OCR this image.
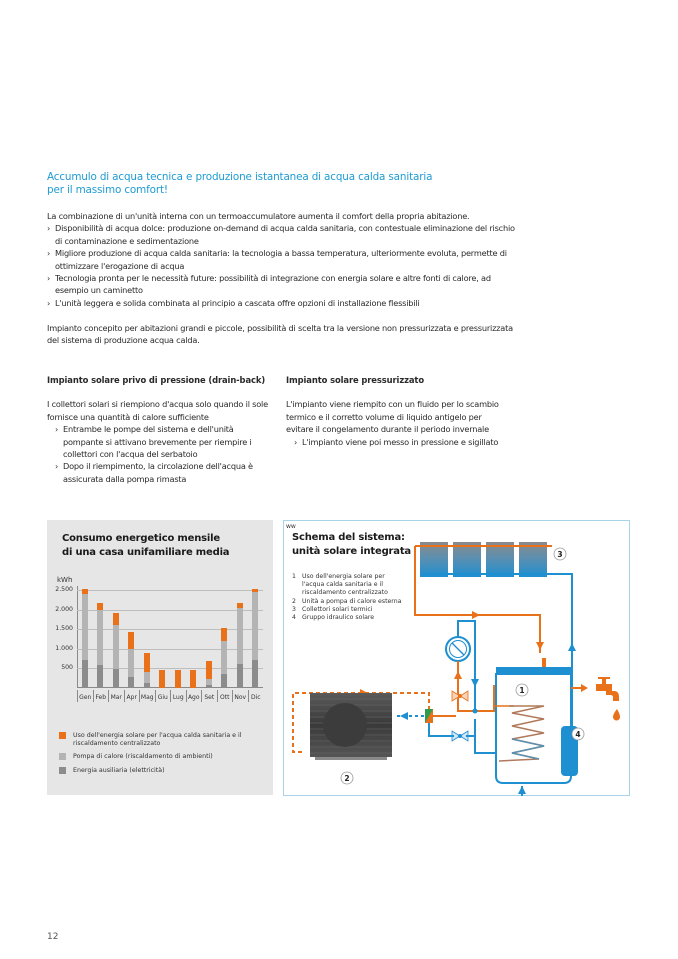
Accumulo di acqua tecnica e produzione istantanea di acqua calda sanitaria
per il massimo comfort!

La combinazione di un'unità interna con un termoaccumulatore aumenta il comfort della propria abitazione.

› Disponibilità di acqua dolce: produzione on-demand di acqua calda sanitaria, con contestuale eliminazione del rischio di contaminazione e sedimentazione
› Migliore produzione di acqua calda sanitaria: la tecnologia a bassa temperatura, ulteriormente evoluta, permette di ottimizzare l'erogazione di acqua
› Tecnologia pronta per le necessità future: possibilità di integrazione con energia solare e altre fonti di calore, ad esempio un caminetto
› L'unità leggera e solida combinata al principio a cascata offre opzioni di installazione flessibili

Impianto concepito per abitazioni grandi e piccole, possibilità di scelta tra la versione non pressurizzata e pressurizzata del sistema di produzione acqua calda.

Impianto solare privo di pressione (drain-back)

I collettori solari si riempiono d'acqua solo quando il sole fornisce una quantità di calore sufficiente

› Entrambe le pompe del sistema e dell'unità pompante si attivano brevemente per riempire i collettori con l'acqua del serbatoio
› Dopo il riempimento, la circolazione dell'acqua è assicurata dalla pompa rimasta
Impianto solare pressurizzato

L'impianto viene riempito con un fluido per lo scambio termico e il corretto volume di liquido antigelo per evitare il congelamento durante il periodo invernale

› L'impianto viene poi messo in pressione e sigillato
Consumo energetico mensile di una casa unifamiliare media
kWh
500
1.000
1.500
2.000
2.500
Gen Feb Mar Apr Mag Giu Lug Ago Set Ott Nov Dic
Uso dell'energia solare per l'acqua calda sanitaria e il riscaldamento centralizzato
Pompa di calore (riscaldamento di ambienti)
Energia ausiliaria (elettricità)
3
2
1
4
ww
Schema del sistema:
unità solare integrata
1 Uso dell'energia solare per l'acqua calda sanitaria e il riscaldamento centralizzato
2 Unità a pompa di calore esterna
3 Collettori solari termici
4 Gruppo idraulico solare
12
